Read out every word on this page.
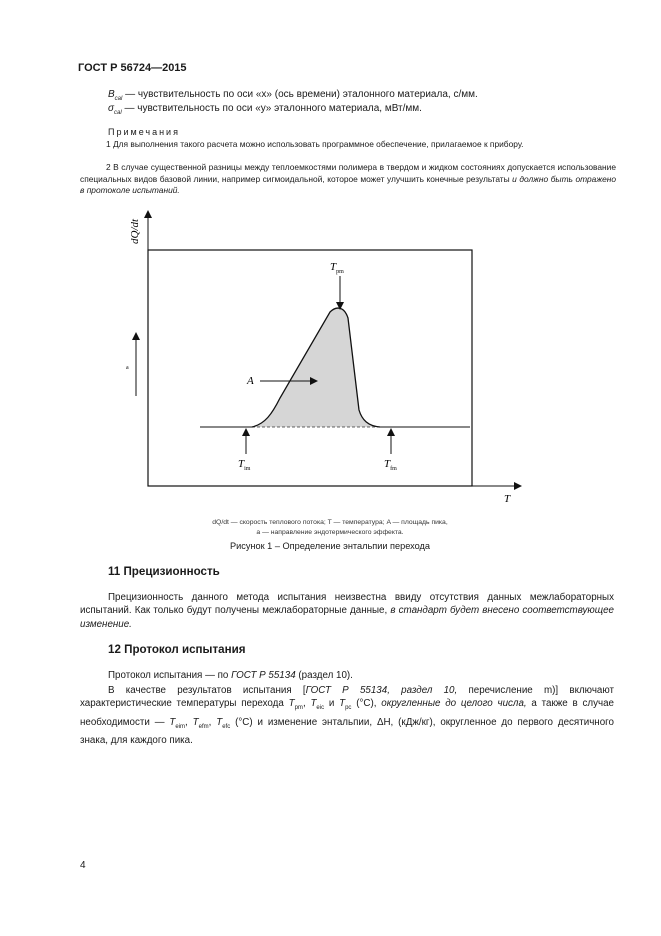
ГОСТ Р 56724—2015
$B_{cal}$ — чувствительность по оси «x» (ось времени) эталонного материала, с/мм.
$\sigma_{cal}$ — чувствительность по оси «y» эталонного материала, мВт/мм.
Примечания
1 Для выполнения такого расчета можно использовать программное обеспечение, прилагаемое к прибору.
2 В случае существенной разницы между теплоемкостями полимера в твердом и жидком состояниях допускается использование специальных видов базовой линии, например сигмоидальной, которое может улучшить конечные результаты и должно быть отражено в протоколе испытаний.
dQ/dt
T
a
$T_{pm}$
A
$T_{im}$	$T_{fm}$
dQ/dt — скорость теплового потока; T — температура; A — площадь пика,
a — направление эндотермического эффекта.
Рисунок 1 – Определение энтальпии перехода
11 Прецизионность
Прецизионность данного метода испытания неизвестна ввиду отсутствия данных межлабораторных испытаний. Как только будут получены межлабораторные данные, в стандарт будет внесено соответствующее изменение.
12 Протокол испытания
Протокол испытания — по ГОСТ Р 55134 (раздел 10).
В качестве результатов испытания [ГОСТ Р 55134, раздел 10, перечисление m)] включают характеристические температуры перехода $T_{pm}$, $T_{eic}$ и $T_{pc}$ (°С), округленные до целого числа, а также в случае необходимости — $T_{eim}$, $T_{efm}$, $T_{efc}$ (°С) и изменение энтальпии, ΔH, (кДж/кг), округленное до первого десятичного знака, для каждого пика.
4
